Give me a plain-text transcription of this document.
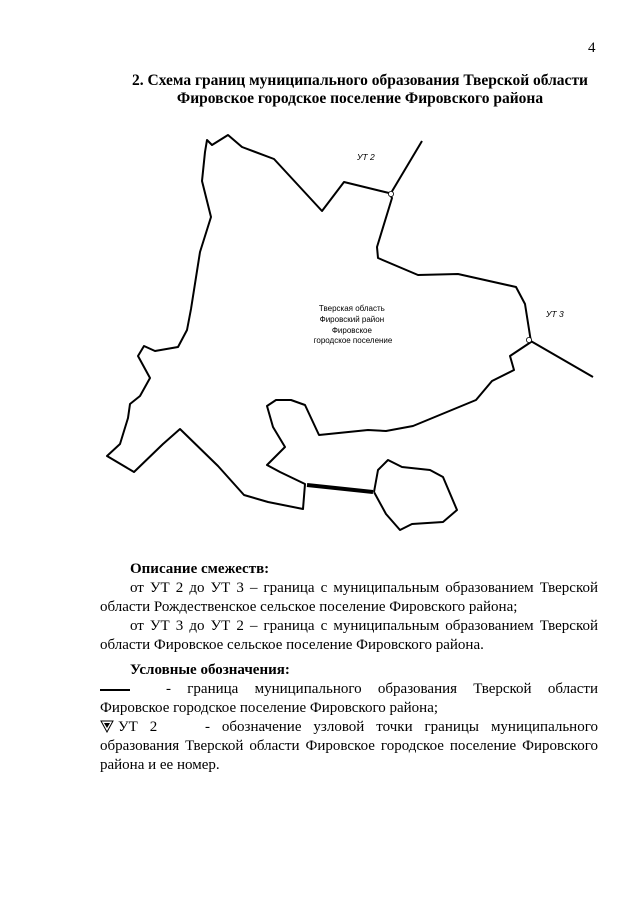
4
2. Схема границ муниципального образования Тверской области
Фировское городское поселение Фировского района
УТ 2
УТ 3
Тверская область Фировский район Фировское городское поселение
Описание смежеств:
от УТ 2 до УТ 3 – граница с муниципальным образованием Тверской области Рождественское сельское поселение Фировского района;
от УТ 3 до УТ 2 – граница с муниципальным образованием Тверской области Фировское сельское поселение Фировского района.
Условные обозначения:
- граница муниципального образования Тверской области Фировское городское поселение Фировского района;
УТ 2	- обозначение узловой точки границы муниципального образования Тверской области Фировское городское поселение Фировского района и ее номер.
